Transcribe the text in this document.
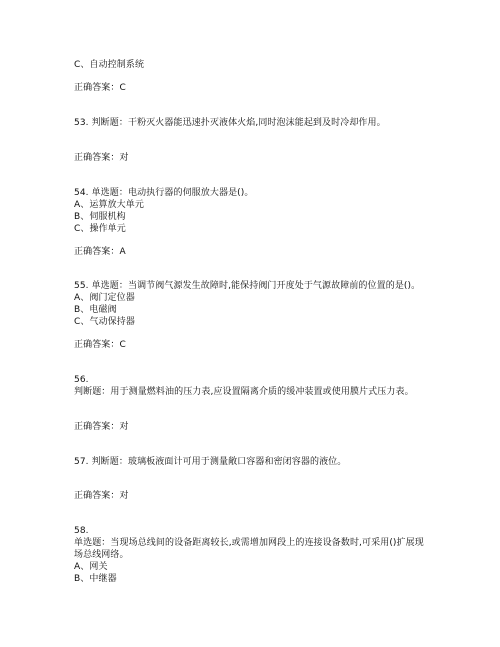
C、自动控制系统
正确答案：C
53. 判断题：干粉灭火器能迅速扑灭液体火焰,同时泡沫能起到及时冷却作用。
正确答案：对
54. 单选题：电动执行器的伺服放大器是()。
A、运算放大单元
B、伺服机构
C、操作单元
正确答案：A
55. 单选题：当调节阀气源发生故障时,能保持阀门开度处于气源故障前的位置的是()。
A、阀门定位器
B、电磁阀
C、气动保持器
正确答案：C
56.
判断题：用于测量燃料油的压力表,应设置隔离介质的缓冲装置或使用膜片式压力表。
正确答案：对
57. 判断题：玻璃板液面计可用于测量敞口容器和密闭容器的液位。
正确答案：对
58.
单选题：当现场总线间的设备距离较长,或需增加网段上的连接设备数时,可采用()扩展现
场总线网络。
A、网关
B、中继器
